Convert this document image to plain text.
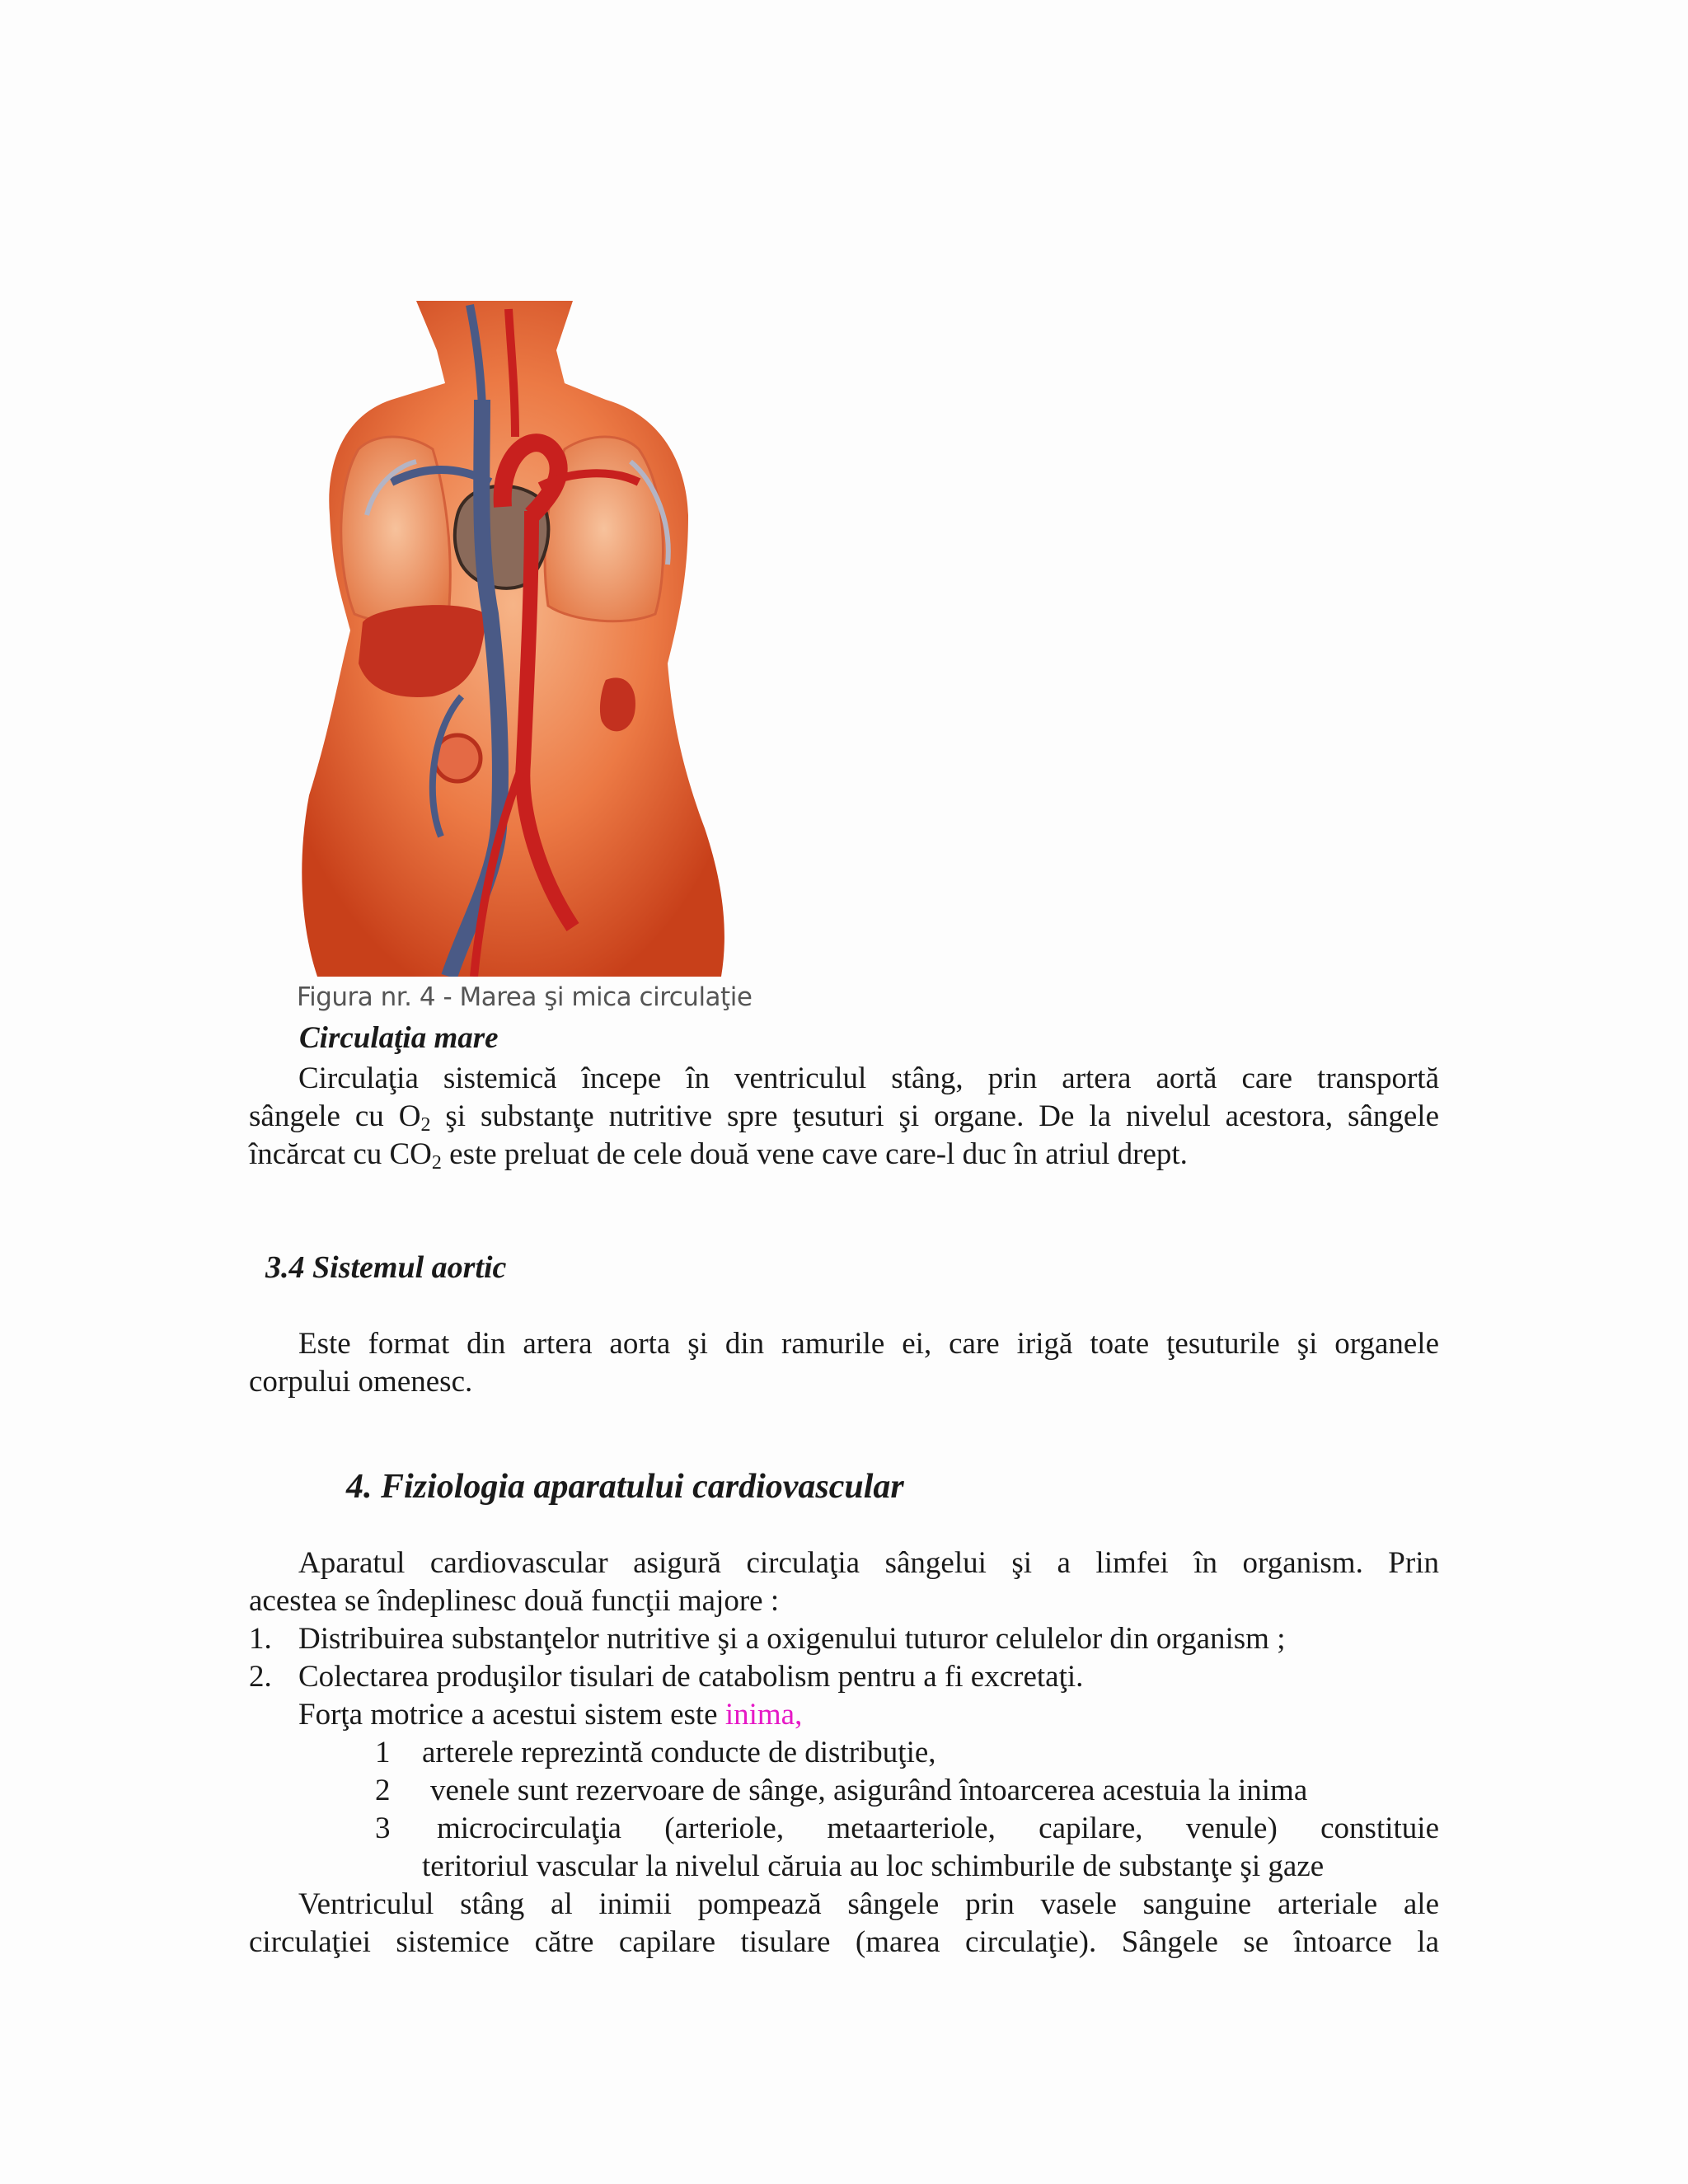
Figura nr. 4 - Marea şi mica circulaţie
Circulaţia mare
Circulaţia sistemică începe în ventriculul stâng, prin artera aortă care transportă
sângele cu $O_2$ şi substanţe nutritive spre ţesuturi şi organe. De la nivelul acestora, sângele
încărcat cu $CO_2$ este preluat de cele două vene cave care-l duc în atriul drept.
3.4 Sistemul aortic
Este format din artera aorta şi din ramurile ei, care irigă toate ţesuturile şi organele
corpului omenesc.
4. Fiziologia aparatului cardiovascular
Aparatul cardiovascular asigură circulaţia sângelui şi a limfei în organism. Prin
acestea se îndeplinesc două funcţii majore :
1. Distribuirea substanţelor nutritive şi a oxigenului tuturor celulelor din organism ;
2. Colectarea produşilor tisulari de catabolism pentru a fi excretaţi.
Forţa motrice a acestui sistem este inima,
1 arterele reprezintă conducte de distribuţie,
2 venele sunt rezervoare de sânge, asigurând întoarcerea acestuia la inima
3 microcirculaţia (arteriole, metaarteriole, capilare, venule) constituie
teritoriul vascular la nivelul căruia au loc schimburile de substanţe şi gaze
Ventriculul stâng al inimii pompează sângele prin vasele sanguine arteriale ale
circulaţiei sistemice către capilare tisulare (marea circulaţie). Sângele se întoarce la
